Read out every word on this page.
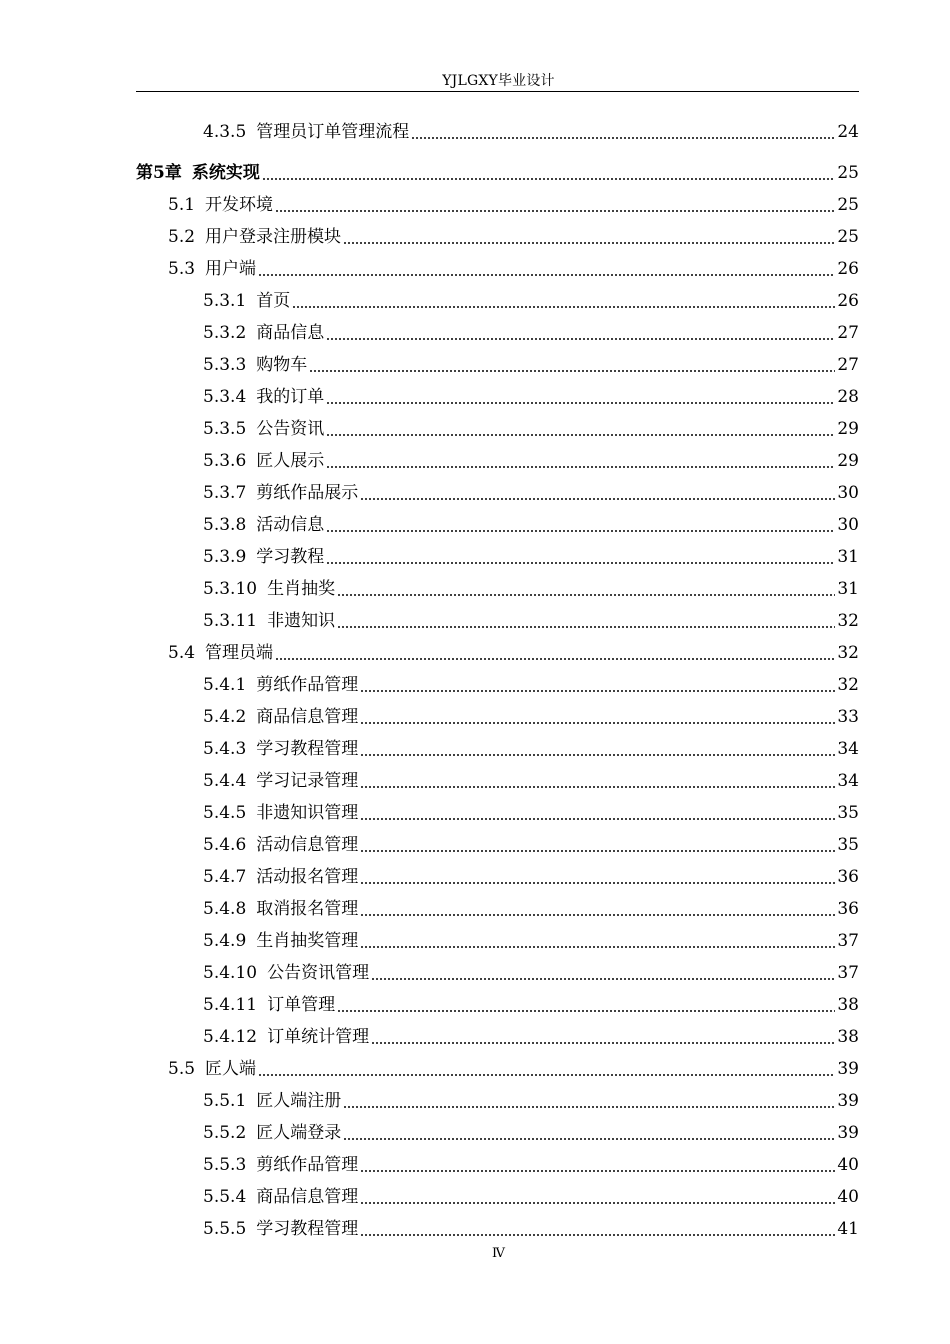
YJLGXY毕业设计
4.3.5 管理员订单管理流程	24
第5章 系统实现	25
5.1 开发环境	25
5.2 用户登录注册模块	25
5.3 用户端	26
5.3.1 首页	26
5.3.2 商品信息	27
5.3.3 购物车	27
5.3.4 我的订单	28
5.3.5 公告资讯	29
5.3.6 匠人展示	29
5.3.7 剪纸作品展示	30
5.3.8 活动信息	30
5.3.9 学习教程	31
5.3.10 生肖抽奖	31
5.3.11 非遗知识	32
5.4 管理员端	32
5.4.1 剪纸作品管理	32
5.4.2 商品信息管理	33
5.4.3 学习教程管理	34
5.4.4 学习记录管理	34
5.4.5 非遗知识管理	35
5.4.6 活动信息管理	35
5.4.7 活动报名管理	36
5.4.8 取消报名管理	36
5.4.9 生肖抽奖管理	37
5.4.10 公告资讯管理	37
5.4.11 订单管理	38
5.4.12 订单统计管理	38
5.5 匠人端	39
5.5.1 匠人端注册	39
5.5.2 匠人端登录	39
5.5.3 剪纸作品管理	40
5.5.4 商品信息管理	40
5.5.5 学习教程管理	41
Ⅳ
